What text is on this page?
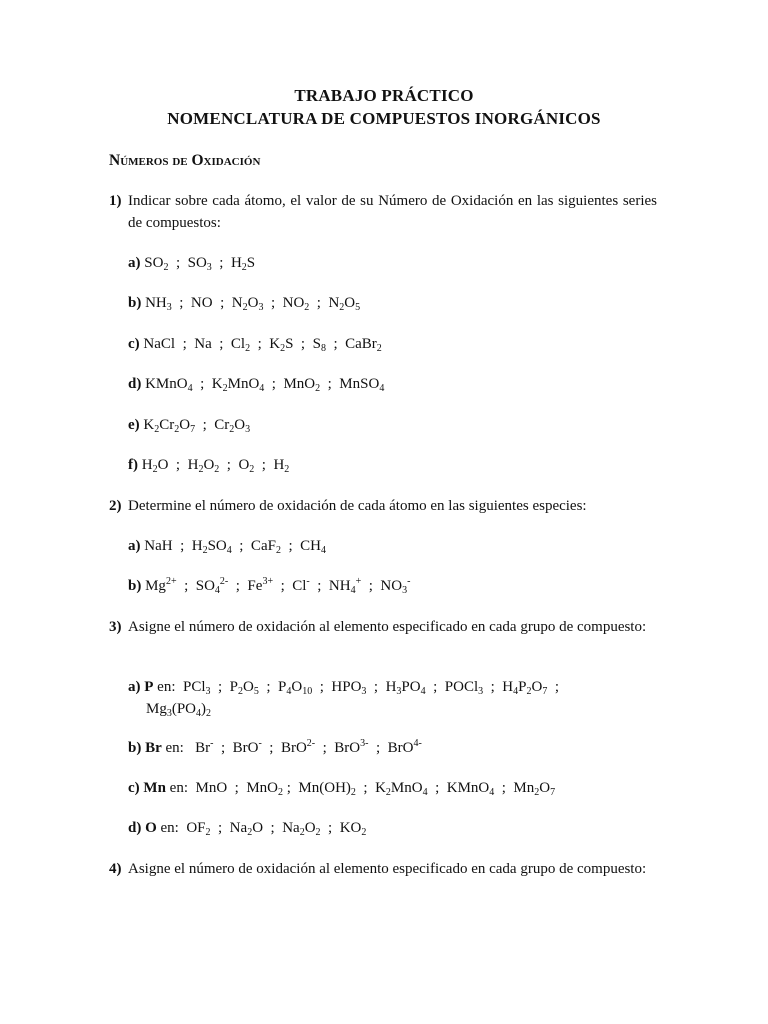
TRABAJO PRÁCTICO
NOMENCLATURA DE COMPUESTOS INORGÁNICOS
Números de Oxidación
1) Indicar sobre cada átomo, el valor de su Número de Oxidación en las siguientes series de compuestos:
a) $SO_2$  ;  $SO_3$  ;  $H_2S$
b) $NH_3$  ;  NO  ;  $N_2O_3$  ;  $NO_2$  ;  $N_2O_5$
c) NaCl  ;  Na  ;  $Cl_2$  ;  $K_2S$  ;  $S_8$  ;  CaBr$_2$
d) KMnO$_4$  ;  $K_2MnO_4$  ;  MnO$_2$  ;  MnSO$_4$
e) $K_2Cr_2O_7$  ;  $Cr_2O_3$
f) $H_2O$  ;  $H_2O_2$  ;  $O_2$  ;  $H_2$
2) Determine el número de oxidación de cada átomo en las siguientes especies:
a) NaH  ;  $H_2SO_4$  ;  CaF$_2$  ;  $CH_4$
b) $Mg^{2+}$  ;  $SO_4^{2-}$  ;  $Fe^{3+}$  ;  Cl-  ;  $NH_4^+$  ;  $NO_3^-$
3) Asigne el número de oxidación al elemento especificado en cada grupo de compuesto:
a) P en:  PCl$_3$  ;  $P_2O_5$  ;  $P_4O_{10}$  ;  $HPO_3$  ;  $H_3PO_4$  ;  POCl$_3$  ;  $H_4P_2O_7$  ;
$Mg_3(PO_4)_2$
b) Br en:   Br-  ;  BrO-  ;  BrO$^{2-}$  ;  BrO$^{3-}$  ;  BrO$^{4-}$
c) Mn en:  MnO  ;  MnO$_2$ ;  $Mn(OH)_2$  ;  $K_2MnO_4$  ;  KMnO$_4$  ;  $Mn_2O_7$
d) O en:  $OF_2$  ;  $Na_2O$  ;  $Na_2O_2$  ;  $KO_2$
4) Asigne el número de oxidación al elemento especificado en cada grupo de compuesto:
